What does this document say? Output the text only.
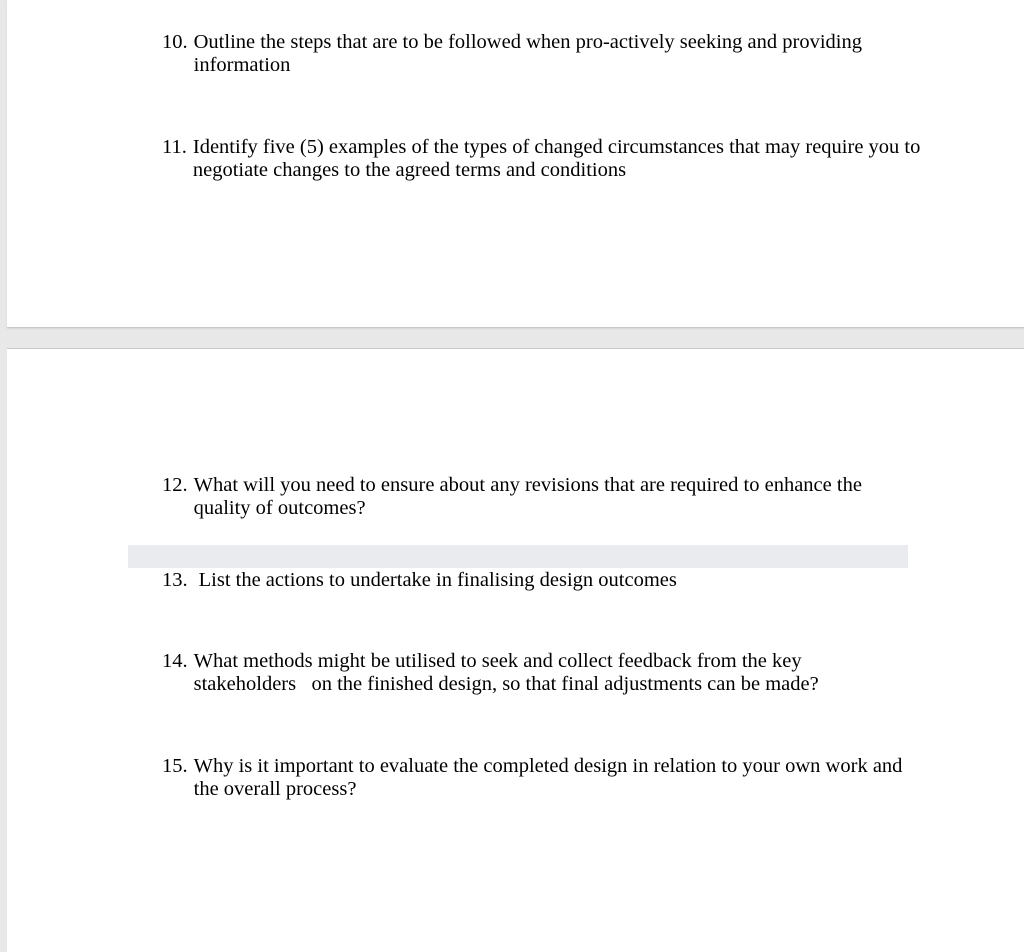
10. Outline the steps that are to be followed when pro-actively seeking and providing information
11. Identify five (5) examples of the types of changed circumstances that may require you to negotiate changes to the agreed terms and conditions
12. What will you need to ensure about any revisions that are required to enhance the quality of outcomes?
13. List the actions to undertake in finalising design outcomes
14. What methods might be utilised to seek and collect feedback from the key stakeholders   on the finished design, so that final adjustments can be made?
15. Why is it important to evaluate the completed design in relation to your own work and the overall process?
